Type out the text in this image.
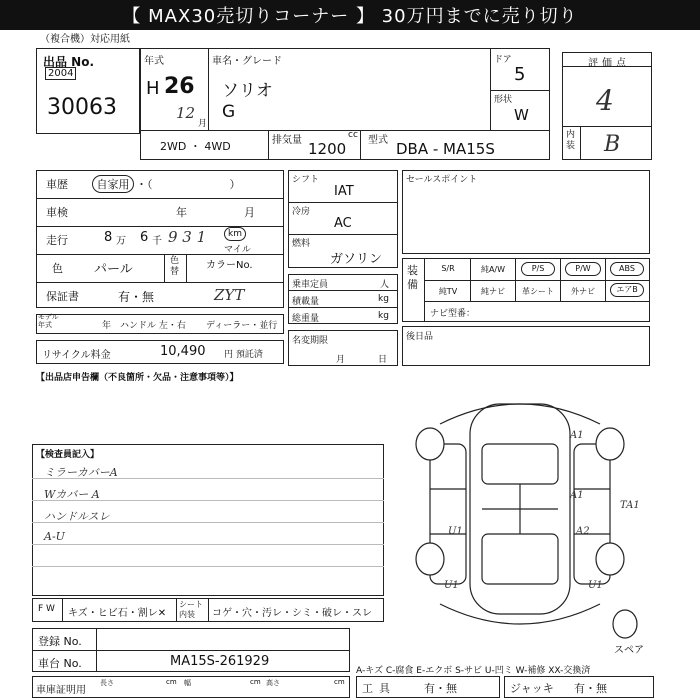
【 MAX30売切りコーナー 】 30万円までに売り切り
（複合機）対応用紙
出品 No.
2004
30063
年式
H 26
12
月
車名・グレード
ソリオ
G
ドア
5
形状
W
2WD ・ 4WD	排気量	cc
1200 型式 DBA - MA15S
評価点
4
内装 B
車歴	自家用 ・（　　　　　　　）
車検	年	月
走行	8 万 6 千 9 3 1	km
マイル
色 パール
色替
カラーNo.
ZYT
保証書	有・無
モデル年式	年 ハンドル 左・右 ディーラー・並行
リサイクル料金	10,490 円 預託済
シフト
IAT
冷房
AC
燃料
ガソリン
乗車定員	人
積載量	kg
総重量	kg
名変期限
月	日
セールスポイント
装備
S/R	純A/W	P/S	P/W	ABS
純TV	純ナビ	革シート	外ナビ	エアB
ナビ型番：
後日品
【出品店申告欄（不良箇所・欠品・注意事項等）】
【検査員記入】
ミラーカバーA
Wカバー A
ハンドルスレ
A-U
F W キズ・ヒビ石・割レ✕
シート内装	コゲ・穴・汚レ・シミ・破レ・スレ
登録 No.
車台 No.	MA15S-261929
車庫証明用
長さ	cm 幅	cm 高さ	cm
A-キズ C-腐食 E-エクボ S-サビ U-凹ミ W-補修 XX-交換済
工具	有・無	ジャッキ 有・無
A1
A1
A2
U1
U1	U1
TA1
スペア
